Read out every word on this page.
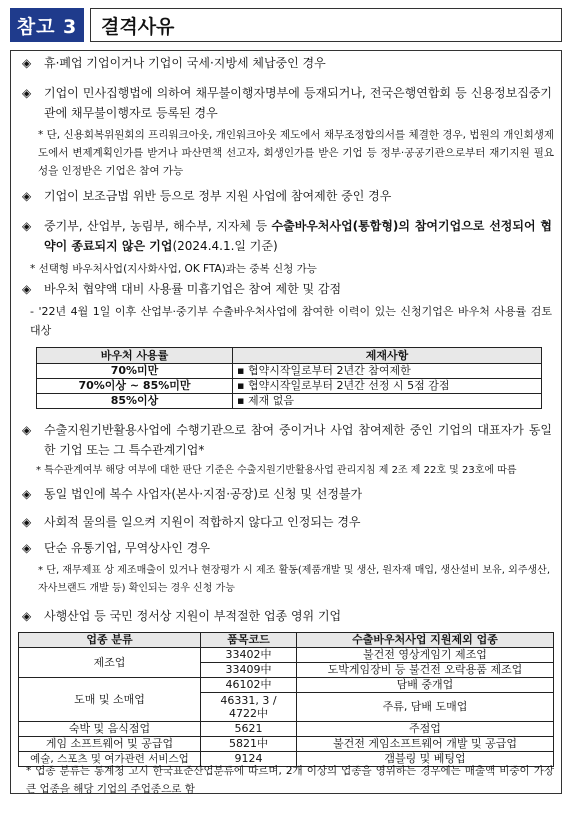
참고 3	결격사유
◈ 휴·폐업 기업이거나 기업이 국세·지방세 체납중인 경우
◈ 기업이 민사집행법에 의하여 채무불이행자명부에 등재되거나, 전국은행연합회 등 신용정보집중기관에 채무불이행자로 등록된 경우
* 단, 신용회복위원회의 프리워크아웃, 개인워크아웃 제도에서 채무조정합의서를 체결한 경우, 법원의 개인회생제도에서 변제계획인가를 받거나 파산면책 선고자, 회생인가를 받은 기업 등 정부·공공기관으로부터 재기지원 필요성을 인정받은 기업은 참여 가능
◈ 기업이 보조금법 위반 등으로 정부 지원 사업에 참여제한 중인 경우
◈ 중기부, 산업부, 농림부, 해수부, 지자체 등 수출바우처사업(통합형)의 참여기업으로 선정되어 협약이 종료되지 않은 기업(2024.4.1.일 기준)
* 선택형 바우처사업(지사화사업, OK FTA)과는 중복 신청 가능
◈ 바우처 협약액 대비 사용률 미흡기업은 참여 제한 및 감점
- '22년 4월 1일 이후 산업부·중기부 수출바우처사업에 참여한 이력이 있는 신청기업은 바우처 사용률 검토 대상
바우처 사용률	제재사항
70%미만	▪ 협약시작일로부터 2년간 참여제한
70%이상 ~ 85%미만	▪ 협약시작일로부터 2년간 선정 시 5점 감점
85%이상	▪ 제재 없음
◈ 수출지원기반활용사업에 수행기관으로 참여 중이거나 사업 참여제한 중인 기업의 대표자가 동일한 기업 또는 그 특수관계기업*
* 특수관계여부 해당 여부에 대한 판단 기준은 수출지원기반활용사업 관리지침 제 2조 제 22호 및 23호에 따름
◈ 동일 법인에 복수 사업자(본사·지점·공장)로 신청 및 선정불가
◈ 사회적 물의를 일으켜 지원이 적합하지 않다고 인정되는 경우
◈ 단순 유통기업, 무역상사인 경우
* 단, 재무제표 상 제조매출이 있거나 현장평가 시 제조 활동(제품개발 및 생산, 원자재 매입, 생산설비 보유, 외주생산, 자사브랜드 개발 등) 확인되는 경우 신청 가능
◈ 사행산업 등 국민 정서상 지원이 부적절한 업종 영위 기업
업종 분류	품목코드	수출바우처사업 지원제외 업종
제조업	33402中	불건전 영상게임기 제조업
	33409中	도박게임장비 등 불건전 오락용품 제조업
도매 및 소매업	46102中	담배 중개업
	46331, 3 / 4722中	주류, 담배 도매업
숙박 및 음식점업	5621	주점업
게임 소프트웨어 및 공급업	5821中	불건전 게임소프트웨어 개발 및 공급업
예술, 스포츠 및 여가관련 서비스업	9124	갬블링 및 베팅업
* 업종 분류는 통계청 고시 한국표준산업분류에 따르며, 2개 이상의 업종을 영위하는 경우에는 매출액 비중이 가장 큰 업종을 해당 기업의 주업종으로 함
